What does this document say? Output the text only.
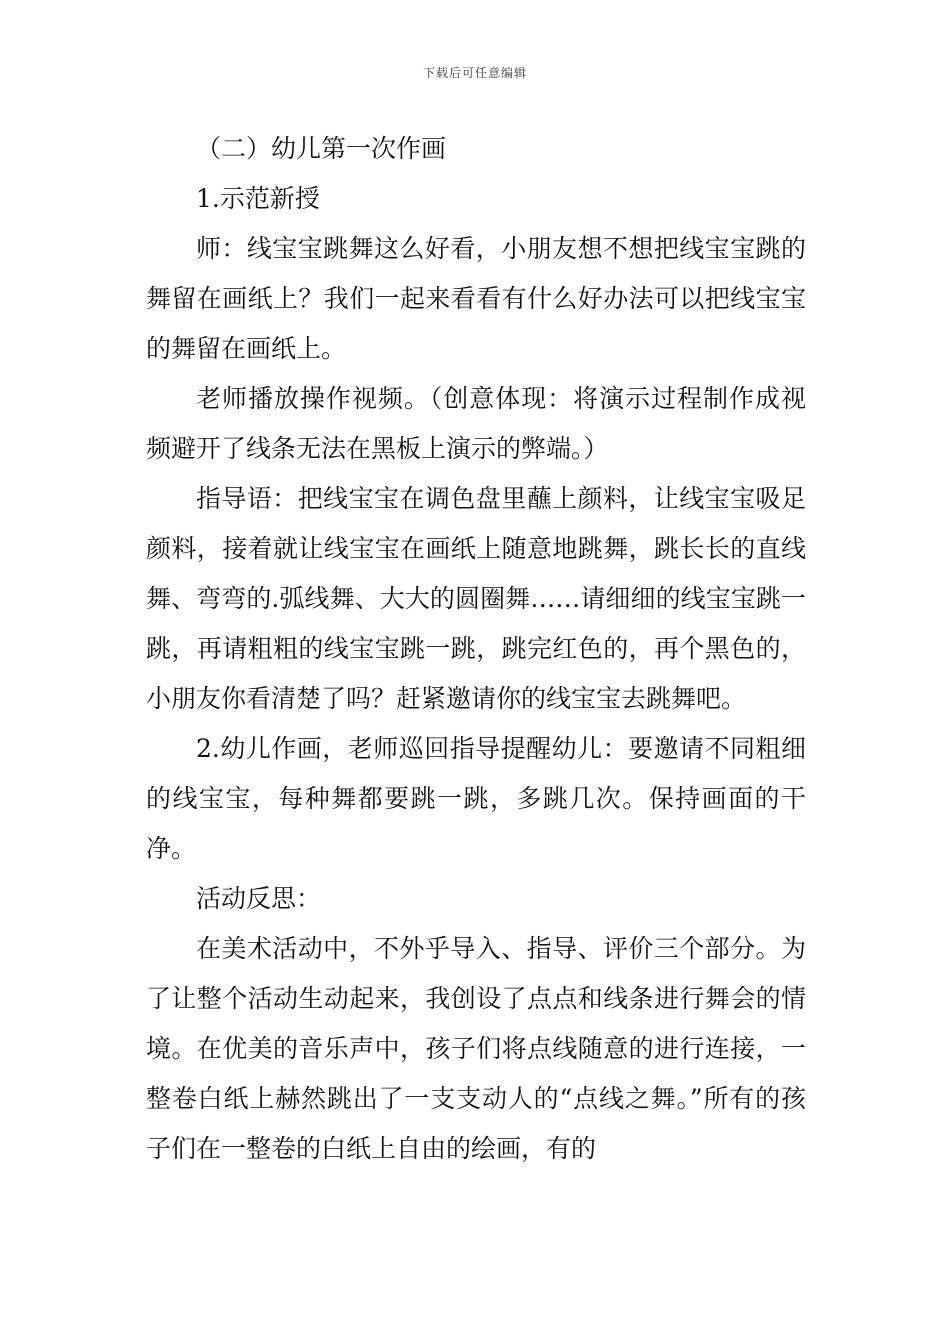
下载后可任意编辑

（二）幼儿第一次作画

1.示范新授

师：线宝宝跳舞这么好看，小朋友想不想把线宝宝跳的舞留在画纸上？我们一起来看看有什么好办法可以把线宝宝的舞留在画纸上。

老师播放操作视频。（创意体现：将演示过程制作成视频避开了线条无法在黑板上演示的弊端。）

指导语：把线宝宝在调色盘里蘸上颜料，让线宝宝吸足颜料，接着就让线宝宝在画纸上随意地跳舞，跳长长的直线舞、弯弯的.弧线舞、大大的圆圈舞……请细细的线宝宝跳一跳，再请粗粗的线宝宝跳一跳，跳完红色的，再个黑色的，小朋友你看清楚了吗？赶紧邀请你的线宝宝去跳舞吧。

2.幼儿作画，老师巡回指导提醒幼儿：要邀请不同粗细的线宝宝，每种舞都要跳一跳，多跳几次。保持画面的干净。

活动反思：

在美术活动中，不外乎导入、指导、评价三个部分。为了让整个活动生动起来，我创设了点点和线条进行舞会的情境。在优美的音乐声中，孩子们将点线随意的进行连接，一整卷白纸上赫然跳出了一支支动人的“点线之舞。”所有的孩子们在一整卷的白纸上自由的绘画，有的
